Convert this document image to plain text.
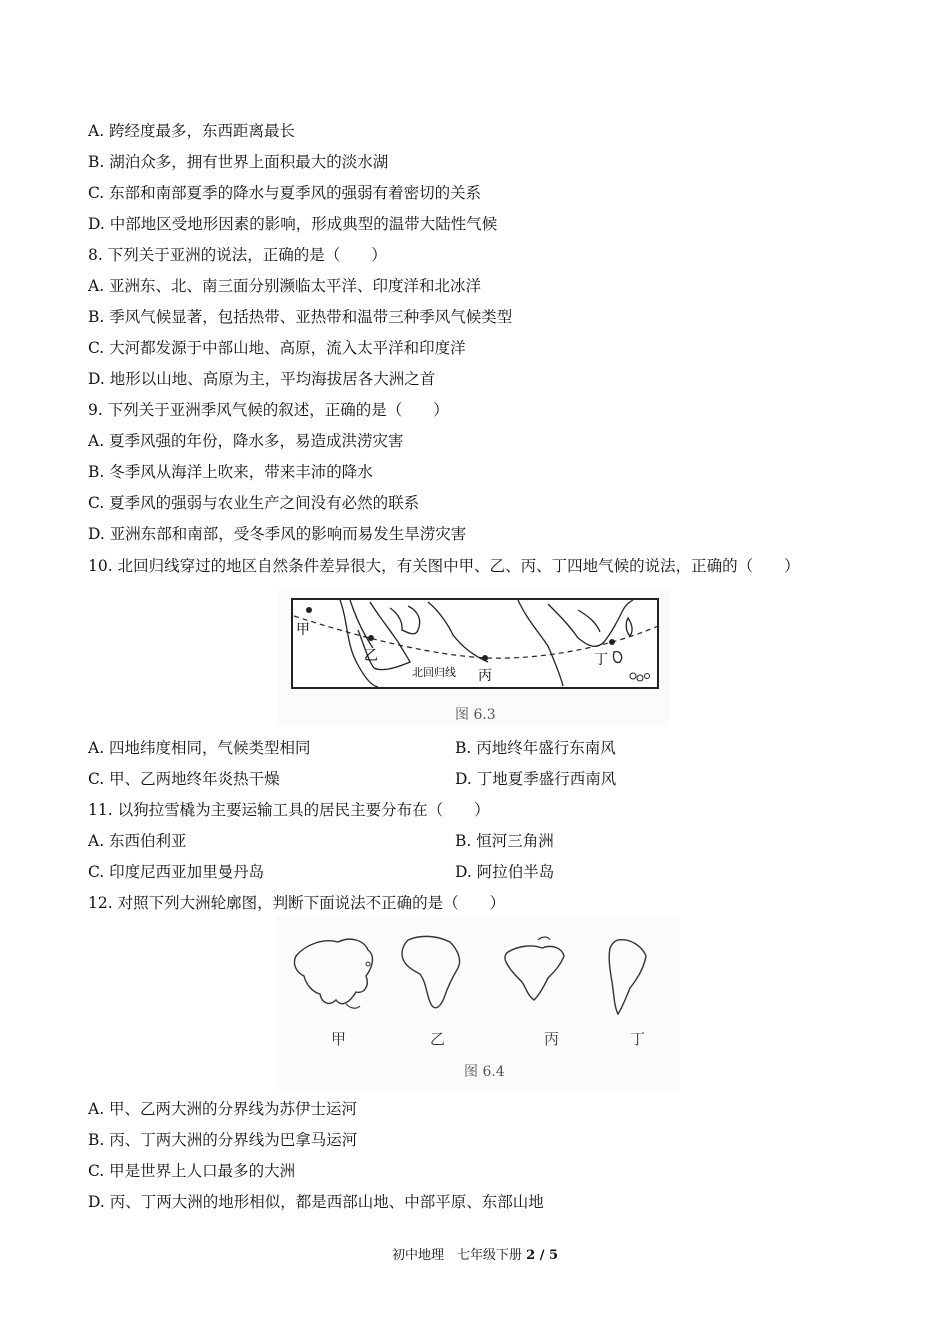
A. 跨经度最多，东西距离最长
B. 湖泊众多，拥有世界上面积最大的淡水湖
C. 东部和南部夏季的降水与夏季风的强弱有着密切的关系
D. 中部地区受地形因素的影响，形成典型的温带大陆性气候
8. 下列关于亚洲的说法，正确的是（　　）
A. 亚洲东、北、南三面分别濒临太平洋、印度洋和北冰洋
B. 季风气候显著，包括热带、亚热带和温带三种季风气候类型
C. 大河都发源于中部山地、高原，流入太平洋和印度洋
D. 地形以山地、高原为主，平均海拔居各大洲之首
9. 下列关于亚洲季风气候的叙述，正确的是（　　）
A. 夏季风强的年份，降水多，易造成洪涝灾害
B. 冬季风从海洋上吹来，带来丰沛的降水
C. 夏季风的强弱与农业生产之间没有必然的联系
D. 亚洲东部和南部，受冬季风的影响而易发生旱涝灾害
10. 北回归线穿过的地区自然条件差异很大，有关图中甲、乙、丙、丁四地气候的说法，正确的（　　）
甲
乙
丙
丁
北回归线
图 6.3
A. 四地纬度相同，气候类型相同	B. 丙地终年盛行东南风
C. 甲、乙两地终年炎热干燥	D. 丁地夏季盛行西南风
11. 以狗拉雪橇为主要运输工具的居民主要分布在（　　）
A. 东西伯利亚	B. 恒河三角洲
C. 印度尼西亚加里曼丹岛	D. 阿拉伯半岛
12. 对照下列大洲轮廓图，判断下面说法不正确的是（　　）
甲	乙	丙	丁
图 6.4
A. 甲、乙两大洲的分界线为苏伊士运河
B. 丙、丁两大洲的分界线为巴拿马运河
C. 甲是世界上人口最多的大洲
D. 丙、丁两大洲的地形相似，都是西部山地、中部平原、东部山地
初中地理　七年级下册 2 / 5
